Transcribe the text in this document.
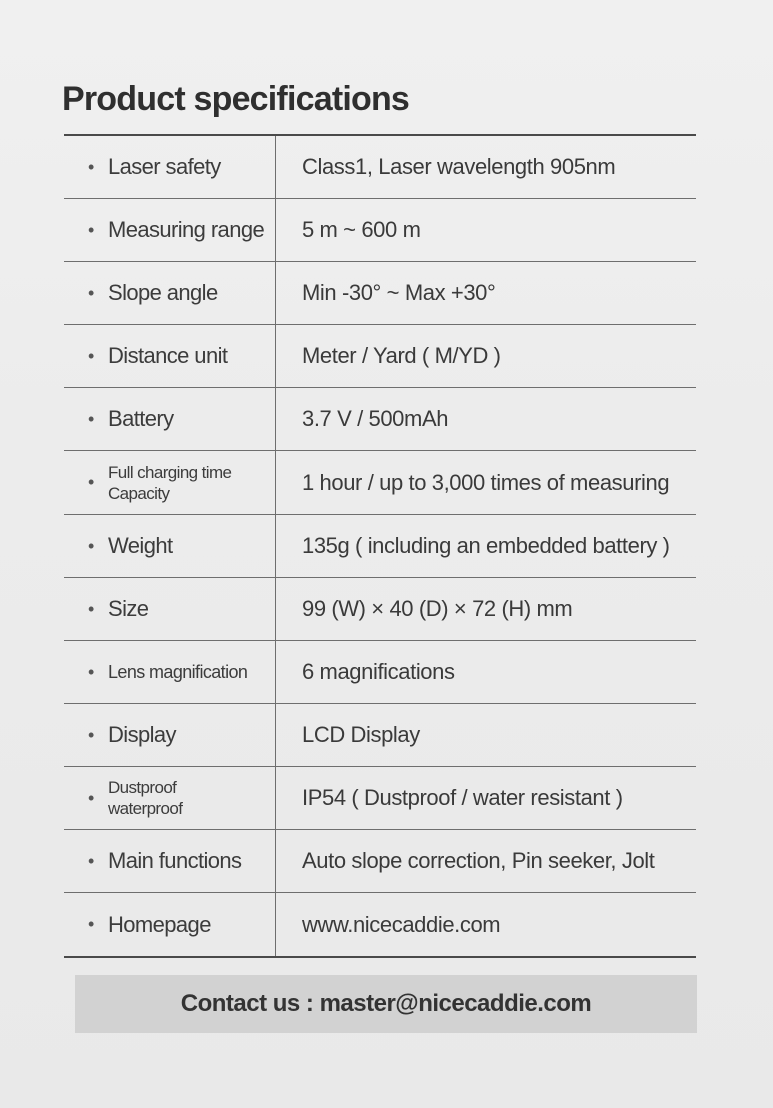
Product specifications
• Laser safety	Class1, Laser wavelength 905nm
• Measuring range	5 m ~ 600 m
• Slope angle	Min -30° ~ Max +30°
• Distance unit	Meter / Yard ( M/YD )
• Battery	3.7 V / 500mAh
• Full charging time
Capacity	1 hour / up to 3,000 times of measuring
• Weight	135g ( including an embedded battery )
• Size	99 (W) × 40 (D) × 72 (H) mm
• Lens magnification	6 magnifications
• Display	LCD Display
• Dustproof
waterproof	IP54 ( Dustproof / water resistant )
• Main functions	Auto slope correction, Pin seeker, Jolt
• Homepage	www.nicecaddie.com
Contact us : master@nicecaddie.com
